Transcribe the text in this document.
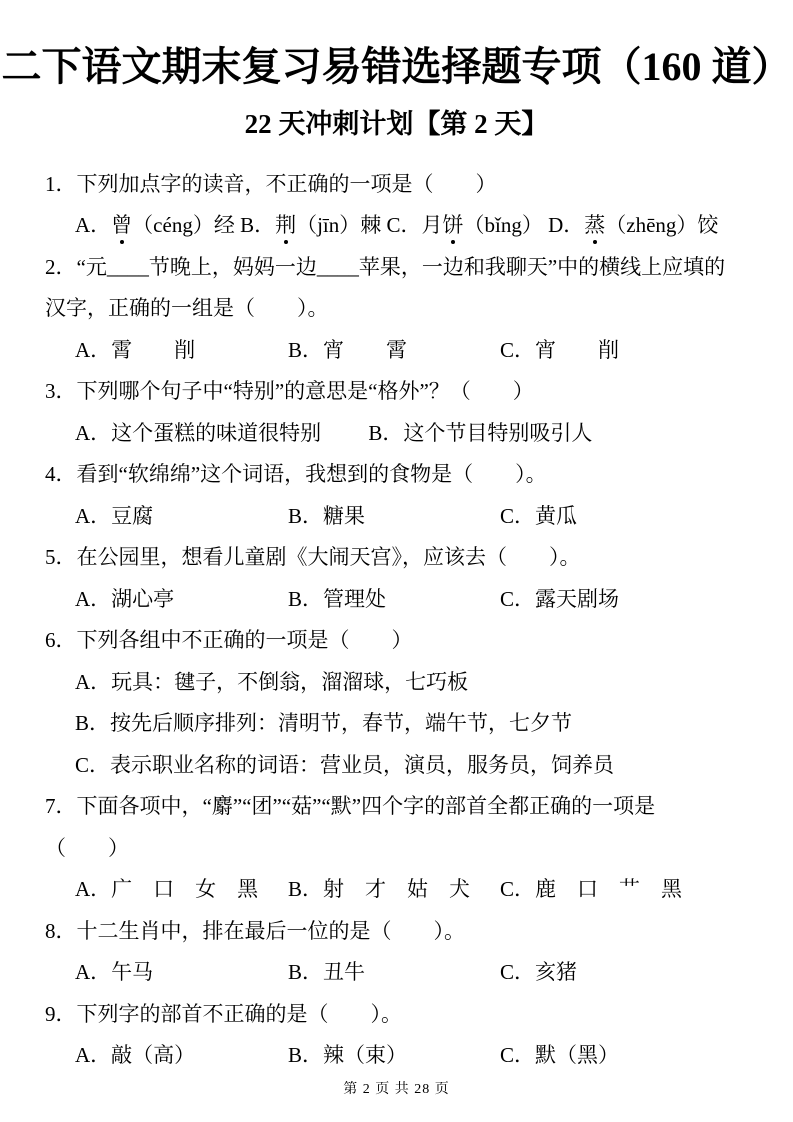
二下语文期末复习易错选择题专项（160 道）
22 天冲刺计划【第 2 天】
1．下列加点字的读音，不正确的一项是（　　）
A． 曾 （céng）经 B． 荆 （jīn）棘 C．月 饼 （bǐng） D． 蒸 （zhēng）饺
2．“元____节晚上，妈妈一边____苹果，一边和我聊天”中的横线上应填的
汉字，正确的一组是（　　）。
A．霄　　削	B．宵　　霄	C．宵　　削
3．下列哪个句子中“特别”的意思是“格外”？（　　）
A．这个蛋糕的味道很特别　　 B．这个节目特别吸引人
4．看到“软绵绵”这个词语，我想到的食物是（　　）。
A．豆腐	B．糖果	C．黄瓜
5．在公园里，想看儿童剧《大闹天宫》，应该去（　　）。
A．湖心亭	B．管理处	C．露天剧场
6．下列各组中不正确的一项是（　　）
A．玩具：毽子，不倒翁，溜溜球，七巧板
B．按先后顺序排列：清明节，春节，端午节，七夕节
C．表示职业名称的词语：营业员，演员，服务员，饲养员
7．下面各项中，“麝”“团”“菇”“默”四个字的部首全都正确的一项是
（　　）
A．广　口　女　黑	B．射　才　姑　犬	C．鹿　口　艹　黑
8．十二生肖中，排在最后一位的是（　　）。
A．午马	B．丑牛	C．亥猪
9．下列字的部首不正确的是（　　）。
A．敲（高）	B．辣（束）	C．默（黑）
第 2 页 共 28 页
